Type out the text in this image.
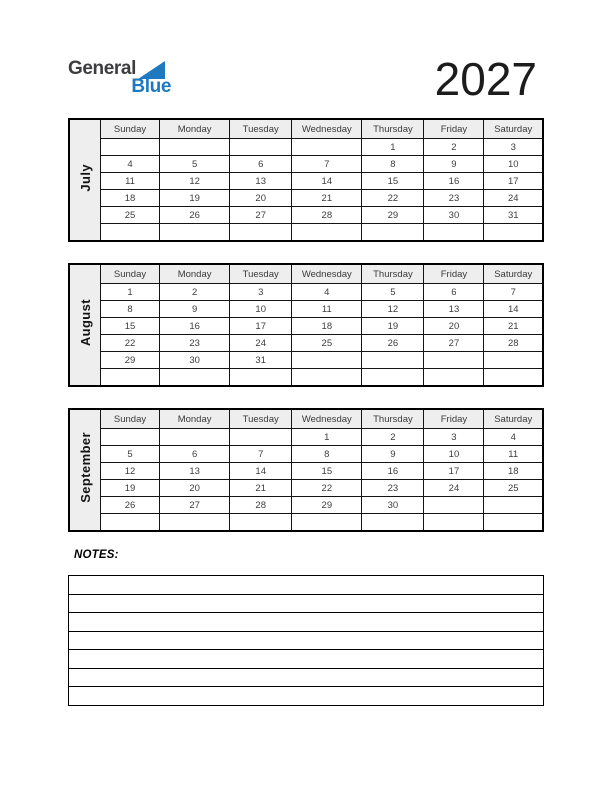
General
Blue	2027
July	Sunday	Monday	Tuesday	Wednesday	Thursday	Friday	Saturday
					1	2	3
	4	5	6	7	8	9	10
	11	12	13	14	15	16	17
	18	19	20	21	22	23	24
	25	26	27	28	29	30	31

August	Sunday	Monday	Tuesday	Wednesday	Thursday	Friday	Saturday
	1	2	3	4	5	6	7
	8	9	10	11	12	13	14
	15	16	17	18	19	20	21
	22	23	24	25	26	27	28
	29	30	31				

September	Sunday	Monday	Tuesday	Wednesday	Thursday	Friday	Saturday
				1	2	3	4
	5	6	7	8	9	10	11
	12	13	14	15	16	17	18
	19	20	21	22	23	24	25
	26	27	28	29	30		

NOTES:
